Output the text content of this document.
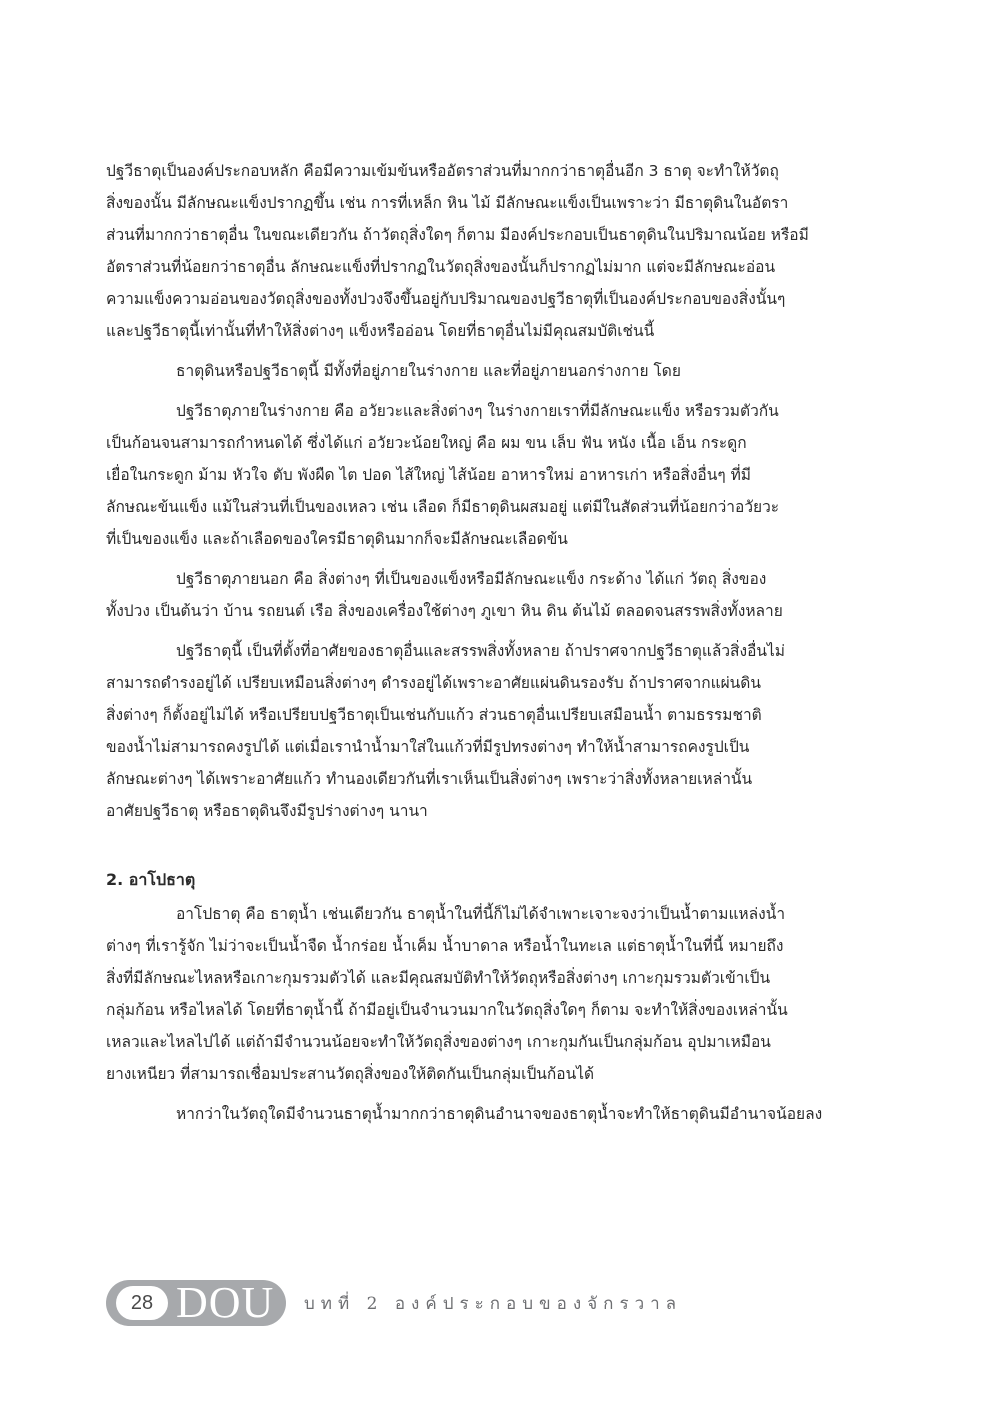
ปฐวีธาตุเป็นองค์ประกอบหลัก คือมีความเข้มข้นหรืออัตราส่วนที่มากกว่าธาตุอื่นอีก 3 ธาตุ จะทำให้วัตถุ
สิ่งของนั้น มีลักษณะแข็งปรากฏขึ้น เช่น การที่เหล็ก หิน ไม้ มีลักษณะแข็งเป็นเพราะว่า มีธาตุดินในอัตรา
ส่วนที่มากกว่าธาตุอื่น ในขณะเดียวกัน ถ้าวัตถุสิ่งใดๆ ก็ตาม มีองค์ประกอบเป็นธาตุดินในปริมาณน้อย หรือมี
อัตราส่วนที่น้อยกว่าธาตุอื่น ลักษณะแข็งที่ปรากฏในวัตถุสิ่งของนั้นก็ปรากฏไม่มาก แต่จะมีลักษณะอ่อน
ความแข็งความอ่อนของวัตถุสิ่งของทั้งปวงจึงขึ้นอยู่กับปริมาณของปฐวีธาตุที่เป็นองค์ประกอบของสิ่งนั้นๆ
และปฐวีธาตุนี้เท่านั้นที่ทำให้สิ่งต่างๆ แข็งหรืออ่อน โดยที่ธาตุอื่นไม่มีคุณสมบัติเช่นนี้
ธาตุดินหรือปฐวีธาตุนี้ มีทั้งที่อยู่ภายในร่างกาย และที่อยู่ภายนอกร่างกาย โดย
ปฐวีธาตุภายในร่างกาย คือ อวัยวะและสิ่งต่างๆ ในร่างกายเราที่มีลักษณะแข็ง หรือรวมตัวกัน
เป็นก้อนจนสามารถกำหนดได้ ซึ่งได้แก่ อวัยวะน้อยใหญ่ คือ ผม ขน เล็บ ฟัน หนัง เนื้อ เอ็น กระดูก
เยื่อในกระดูก ม้าม หัวใจ ตับ พังผืด ไต ปอด ไส้ใหญ่ ไส้น้อย อาหารใหม่ อาหารเก่า หรือสิ่งอื่นๆ ที่มี
ลักษณะข้นแข็ง แม้ในส่วนที่เป็นของเหลว เช่น เลือด ก็มีธาตุดินผสมอยู่ แต่มีในสัดส่วนที่น้อยกว่าอวัยวะ
ที่เป็นของแข็ง และถ้าเลือดของใครมีธาตุดินมากก็จะมีลักษณะเลือดข้น
ปฐวีธาตุภายนอก คือ สิ่งต่างๆ ที่เป็นของแข็งหรือมีลักษณะแข็ง กระด้าง ได้แก่ วัตถุ สิ่งของ
ทั้งปวง เป็นต้นว่า บ้าน รถยนต์ เรือ สิ่งของเครื่องใช้ต่างๆ ภูเขา หิน ดิน ต้นไม้ ตลอดจนสรรพสิ่งทั้งหลาย
ปฐวีธาตุนี้ เป็นที่ตั้งที่อาศัยของธาตุอื่นและสรรพสิ่งทั้งหลาย ถ้าปราศจากปฐวีธาตุแล้วสิ่งอื่นไม่
สามารถดำรงอยู่ได้ เปรียบเหมือนสิ่งต่างๆ ดำรงอยู่ได้เพราะอาศัยแผ่นดินรองรับ ถ้าปราศจากแผ่นดิน
สิ่งต่างๆ ก็ตั้งอยู่ไม่ได้ หรือเปรียบปฐวีธาตุเป็นเช่นกับแก้ว ส่วนธาตุอื่นเปรียบเสมือนน้ำ ตามธรรมชาติ
ของน้ำไม่สามารถคงรูปได้ แต่เมื่อเรานำน้ำมาใส่ในแก้วที่มีรูปทรงต่างๆ ทำให้น้ำสามารถคงรูปเป็น
ลักษณะต่างๆ ได้เพราะอาศัยแก้ว ทำนองเดียวกันที่เราเห็นเป็นสิ่งต่างๆ เพราะว่าสิ่งทั้งหลายเหล่านั้น
อาศัยปฐวีธาตุ หรือธาตุดินจึงมีรูปร่างต่างๆ นานา
2. อาโปธาตุ
อาโปธาตุ คือ ธาตุน้ำ เช่นเดียวกัน ธาตุน้ำในที่นี้ก็ไม่ได้จำเพาะเจาะจงว่าเป็นน้ำตามแหล่งน้ำ
ต่างๆ ที่เรารู้จัก ไม่ว่าจะเป็นน้ำจืด น้ำกร่อย น้ำเค็ม น้ำบาดาล หรือน้ำในทะเล แต่ธาตุน้ำในที่นี้ หมายถึง
สิ่งที่มีลักษณะไหลหรือเกาะกุมรวมตัวได้ และมีคุณสมบัติทำให้วัตถุหรือสิ่งต่างๆ เกาะกุมรวมตัวเข้าเป็น
กลุ่มก้อน หรือไหลได้ โดยที่ธาตุน้ำนี้ ถ้ามีอยู่เป็นจำนวนมากในวัตถุสิ่งใดๆ ก็ตาม จะทำให้สิ่งของเหล่านั้น
เหลวและไหลไปได้ แต่ถ้ามีจำนวนน้อยจะทำให้วัตถุสิ่งของต่างๆ เกาะกุมกันเป็นกลุ่มก้อน อุปมาเหมือน
ยางเหนียว ที่สามารถเชื่อมประสานวัตถุสิ่งของให้ติดกันเป็นกลุ่มเป็นก้อนได้
หากว่าในวัตถุใดมีจำนวนธาตุน้ำมากกว่าธาตุดินอำนาจของธาตุน้ำจะทำให้ธาตุดินมีอำนาจน้อยลง
28 DOU บทที่ 2 องค์ประกอบของจักรวาล
